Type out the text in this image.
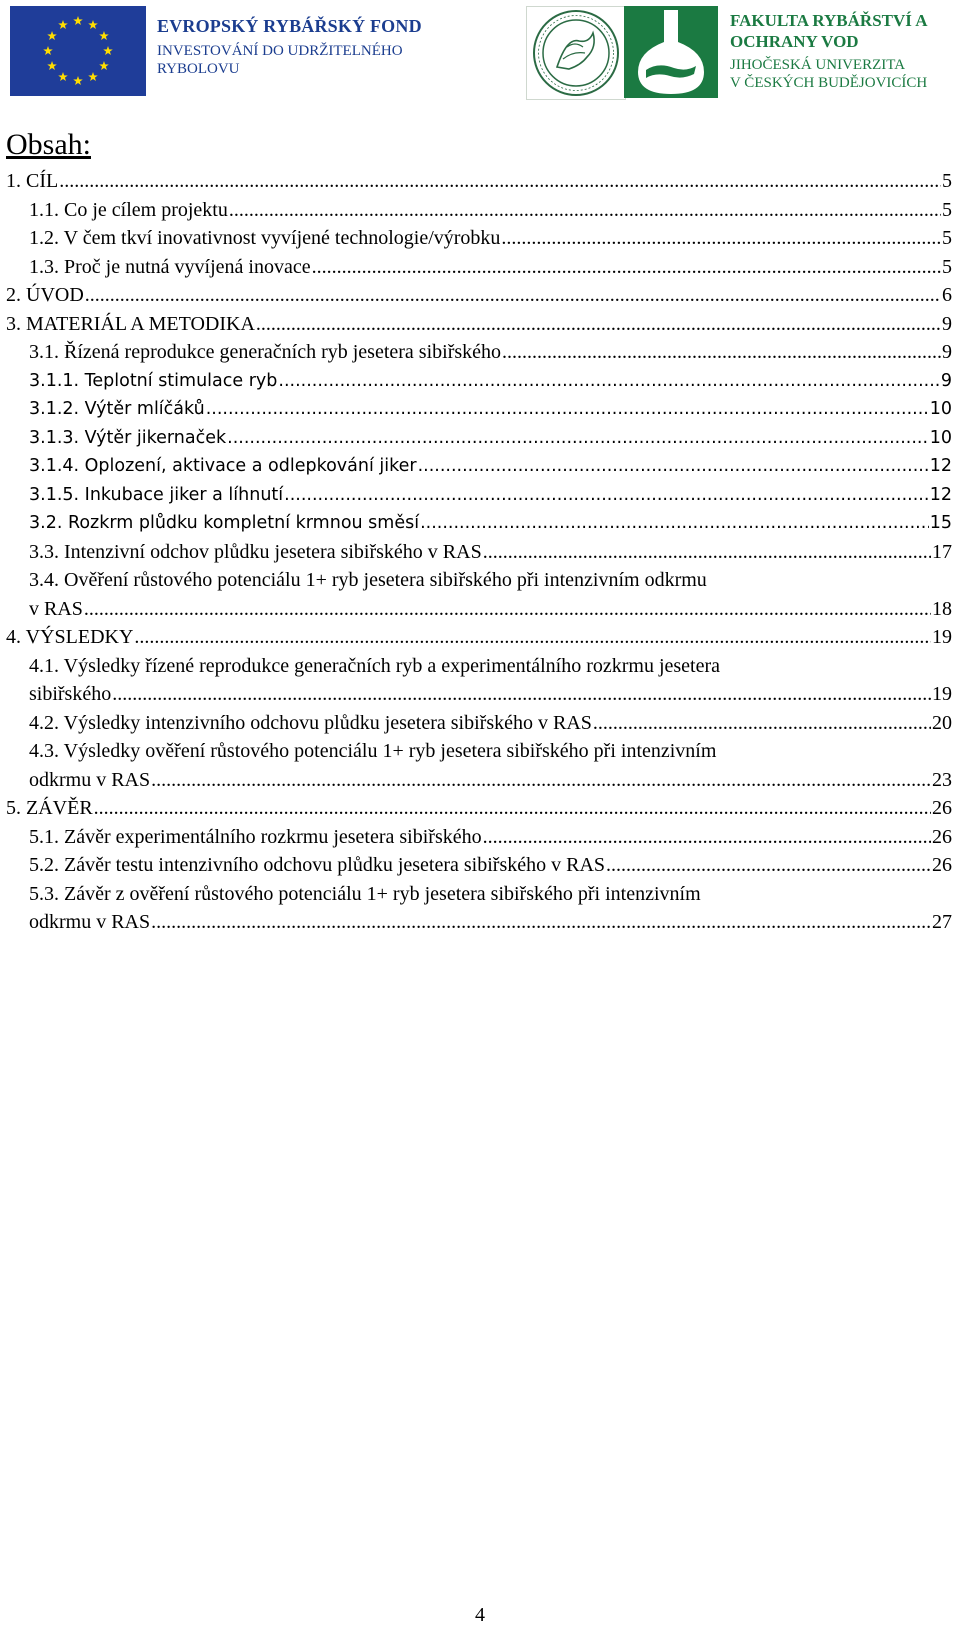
EVROPSKÝ RYBÁŘSKÝ FOND
INVESTOVÁNÍ DO UDRŽITELNÉHO
RYBOLOVU
FAKULTA RYBÁŘSTVÍ A
OCHRANY VOD
JIHOČESKÁ UNIVERZITA
V ČESKÝCH BUDĚJOVICÍCH
Obsah:
1. CÍL .....	5
1.1. Co je cílem projektu .....	5
1.2. V čem tkví inovativnost vyvíjené technologie/výrobku .....	5
1.3. Proč je nutná vyvíjená inovace .....	5
2. ÚVOD .....	6
3. MATERIÁL A METODIKA .....	9
3.1. Řízená reprodukce generačních ryb jesetera sibiřského .....	9
3.1.1. Teplotní stimulace ryb .....	9
3.1.2. Výtěr mlíčáků .....	10
3.1.3. Výtěr jikernaček .....	10
3.1.4. Oplození, aktivace a odlepkování jiker .....	12
3.1.5. Inkubace jiker a líhnutí .....	12
3.2. Rozkrm plůdku kompletní krmnou směsí .....	15
3.3. Intenzivní odchov plůdku jesetera sibiřského v RAS .....	17
3.4. Ověření růstového potenciálu 1+ ryb jesetera sibiřského při intenzivním odkrmu
v RAS .....	18
4. VÝSLEDKY .....	19
4.1. Výsledky řízené reprodukce generačních ryb a experimentálního rozkrmu jesetera
sibiřského .....	19
4.2. Výsledky intenzivního odchovu plůdku jesetera sibiřského v RAS .....	20
4.3. Výsledky ověření růstového potenciálu 1+ ryb jesetera sibiřského při intenzivním
odkrmu v RAS .....	23
5. ZÁVĚR .....	26
5.1. Závěr experimentálního rozkrmu jesetera sibiřského .....	26
5.2. Závěr testu intenzivního odchovu plůdku jesetera sibiřského v RAS .....	26
5.3. Závěr z ověření růstového potenciálu 1+ ryb jesetera sibiřského při intenzivním
odkrmu v RAS .....	27
4
